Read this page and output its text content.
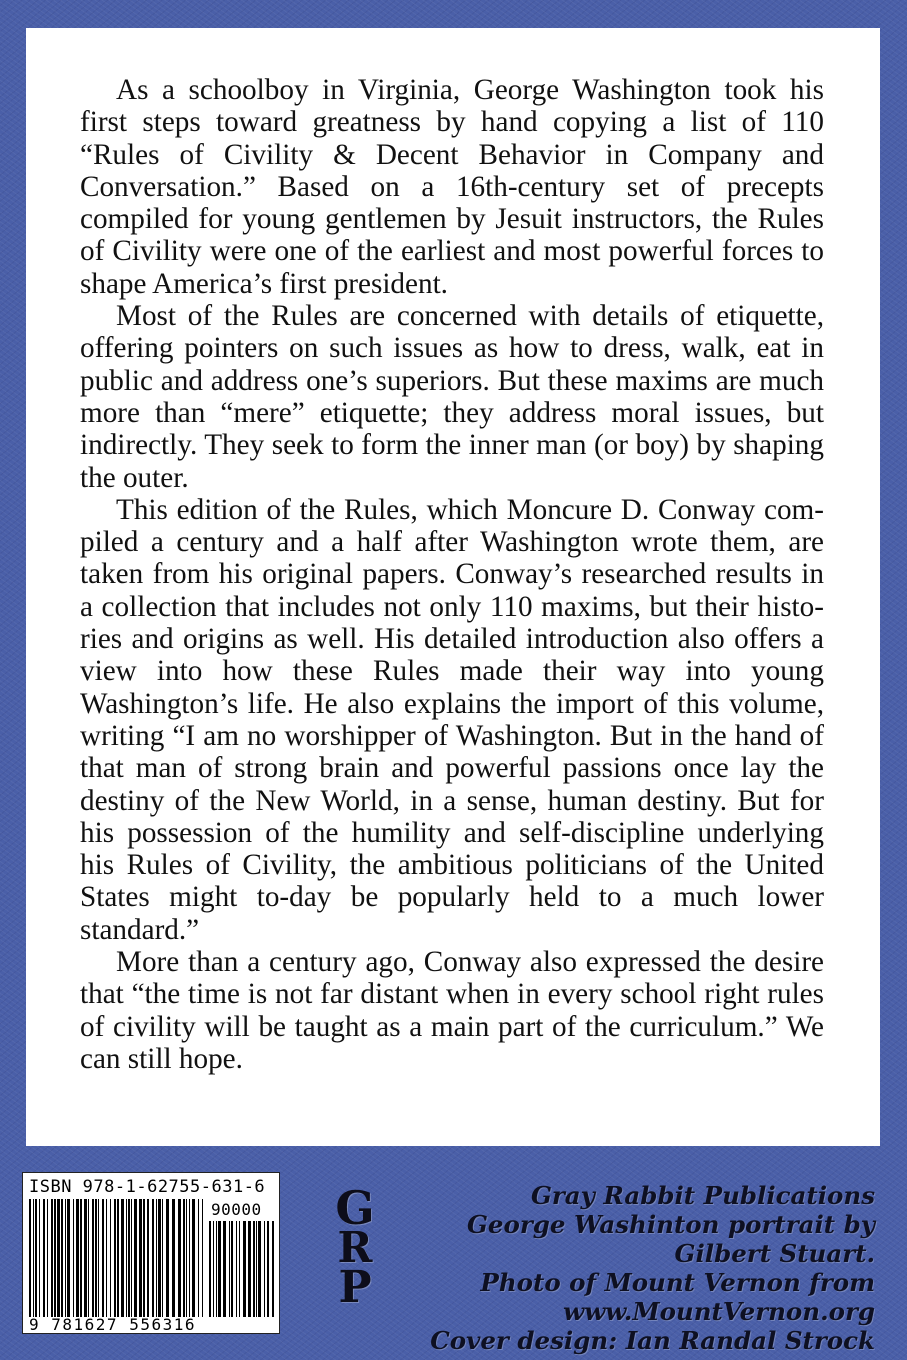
As a schoolboy in Virginia, George Washington took his first steps toward greatness by hand copying a list of 110 “Rules of Civility & Decent Behavior in Company and Conversation.” Based on a 16th-century set of precepts compiled for young gentlemen by Jesuit instructors, the Rules of Civility were one of the earliest and most powerful forces to shape America’s first president.

Most of the Rules are concerned with details of etiquette, offering pointers on such issues as how to dress, walk, eat in public and address one’s superiors. But these maxims are much more than “mere” etiquette; they address moral issues, but indirectly. They seek to form the inner man (or boy) by shaping the outer.

This edition of the Rules, which Moncure D. Conway compiled a century and a half after Washington wrote them, are taken from his original papers. Conway’s researched results in a collection that includes not only 110 maxims, but their histories and origins as well. His detailed introduction also offers a view into how these Rules made their way into young Washington’s life. He also explains the import of this volume, writing “I am no worshipper of Washington. But in the hand of that man of strong brain and powerful passions once lay the destiny of the New World, in a sense, human destiny. But for his possession of the humility and self-discipline underlying his Rules of Civility, the ambitious politicians of the United States might to-day be popularly held to a much lower standard.”

More than a century ago, Conway also expressed the desire that “the time is not far distant when in every school right rules of civility will be taught as a main part of the curriculum.” We can still hope.

ISBN 978-1-62755-631-6
90000
9 781627 556316
G
R
P
Gray Rabbit Publications
George Washinton portrait by
Gilbert Stuart.
Photo of Mount Vernon from
www.MountVernon.org
Cover design: Ian Randal Strock
